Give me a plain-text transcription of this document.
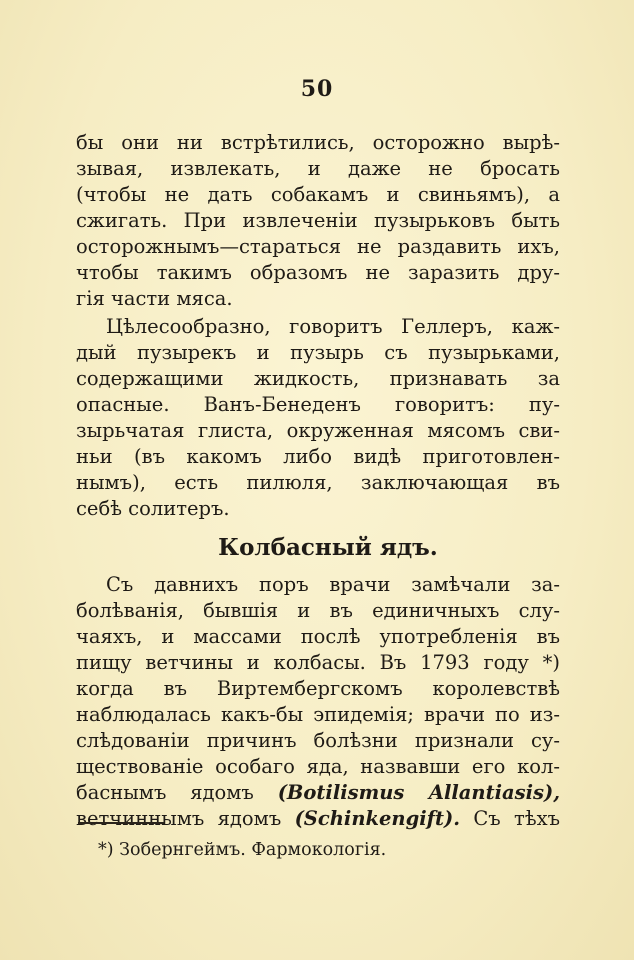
50

бы они ни встрѣтились, осторожно вырѣ-
зывая, извлекать, и даже не бросать
(чтобы не дать собакамъ и свиньямъ), а
сжигать. При извлеченіи пузырьковъ быть
осторожнымъ—стараться не раздавить ихъ,
чтобы такимъ образомъ не заразить дру-
гія части мяса.

Цѣлесообразно, говоритъ Геллеръ, каж-
дый пузырекъ и пузырь съ пузырьками,
содержащими жидкость, признавать за
опасные. Ванъ-Бенеденъ говоритъ: пу-
зырьчатая глиста, окруженная мясомъ сви-
ньи (въ какомъ либо видѣ приготовлен-
нымъ), есть пилюля, заключающая въ
себѣ солитеръ.

Колбасный ядъ.

Съ давнихъ поръ врачи замѣчали за-
болѣванія, бывшія и въ единичныхъ слу-
чаяхъ, и массами послѣ употребленія въ
пищу ветчины и колбасы. Въ 1793 году *)
когда въ Виртембергскомъ королевствѣ
наблюдалась какъ-бы эпидемія; врачи по из-
слѣдованіи причинъ болѣзни признали су-
ществованіе особаго яда, назвавши его кол-
баснымъ ядомъ (Botilismus Allantiasis),
ветчиннымъ ядомъ (Schinkengift). Съ тѣхъ

*) Зобернгеймъ. Фармокологія.
